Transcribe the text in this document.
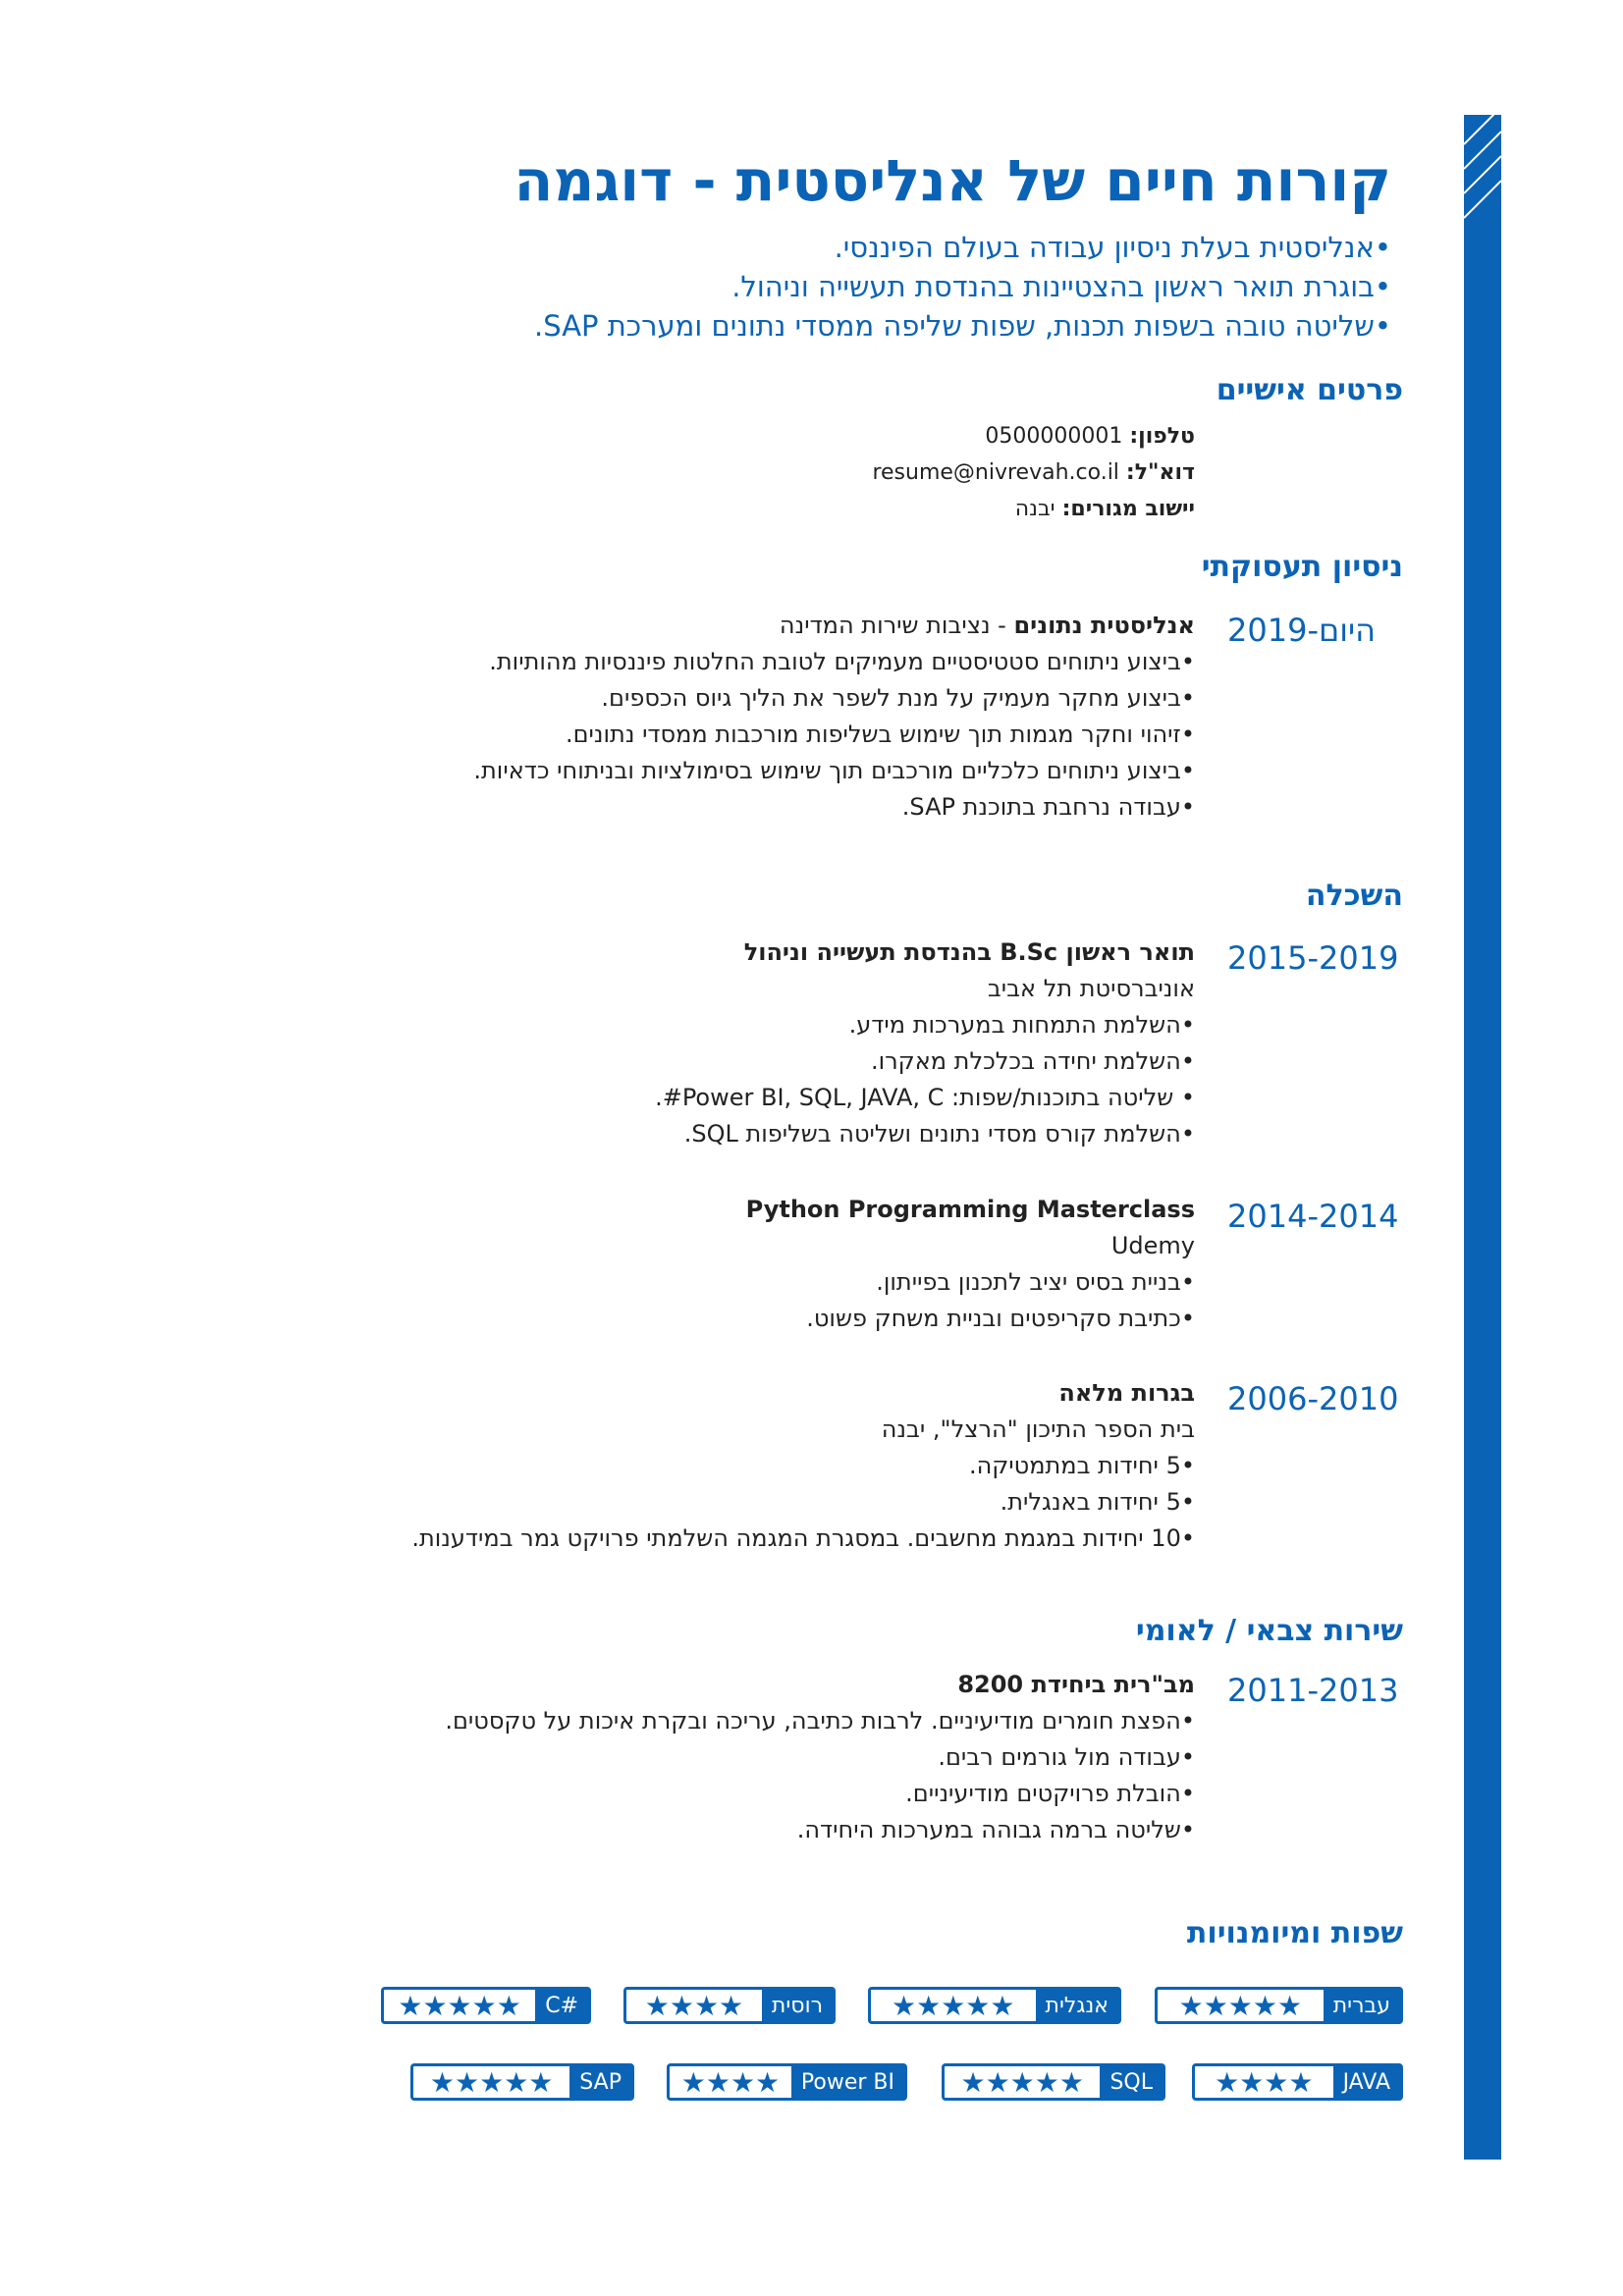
קורות חיים של אנליסטית - דוגמה
•אנליסטית בעלת ניסיון עבודה בעולם הפיננסי.
•בוגרת תואר ראשון בהצטיינות בהנדסת תעשייה וניהול.
•שליטה טובה בשפות תכנות, שפות שליפה ממסדי נתונים ומערכת SAP.
פרטים אישיים
טלפון: 0500000001
דוא"ל: resume@nivrevah.co.il
יישוב מגורים: יבנה
ניסיון תעסוקתי
2019-היום
אנליסטית נתונים - נציבות שירות המדינה
•ביצוע ניתוחים סטטיסטיים מעמיקים לטובת החלטות פיננסיות מהותיות.
•ביצוע מחקר מעמיק על מנת לשפר את הליך גיוס הכספים.
•זיהוי וחקר מגמות תוך שימוש בשליפות מורכבות ממסדי נתונים.
•ביצוע ניתוחים כלכליים מורכבים תוך שימוש בסימולציות ובניתוחי כדאיות.
•עבודה נרחבת בתוכנת SAP.
השכלה
2015-2019
תואר ראשון B.Sc בהנדסת תעשייה וניהול
אוניברסיטת תל אביב
•השלמת התמחות במערכות מידע.
•השלמת יחידה בכלכלת מאקרו.
• שליטה בתוכנות/שפות: Power BI, SQL, JAVA, C#.
•השלמת קורס מסדי נתונים ושליטה בשליפות SQL.
2014-2014
Python Programming Masterclass
Udemy
•בניית בסיס יציב לתכנון בפייתון.
•כתיבת סקריפטים ובניית משחק פשוט.
2006-2010
בגרות מלאה
בית הספר התיכון "הרצל", יבנה
•5 יחידות במתמטיקה.
•5 יחידות באנגלית.
•10 יחידות במגמת מחשבים. במסגרת המגמה השלמתי פרויקט גמר במידענות.
שירות צבאי / לאומי
2011-2013
מב"רית ביחידת 8200
•הפצת חומרים מודיעיניים. לרבות כתיבה, עריכה ובקרת איכות על טקסטים.
•עבודה מול גורמים רבים.
•הובלת פרויקטים מודיעיניים.
•שליטה ברמה גבוהה במערכות היחידה.
שפות ומיומנויות
עברית
★★★★★
אנגלית
★★★★★
רוסית
★★★★
C#
★★★★★
JAVA
★★★★
SQL
★★★★★
Power BI
★★★★
SAP
★★★★★
